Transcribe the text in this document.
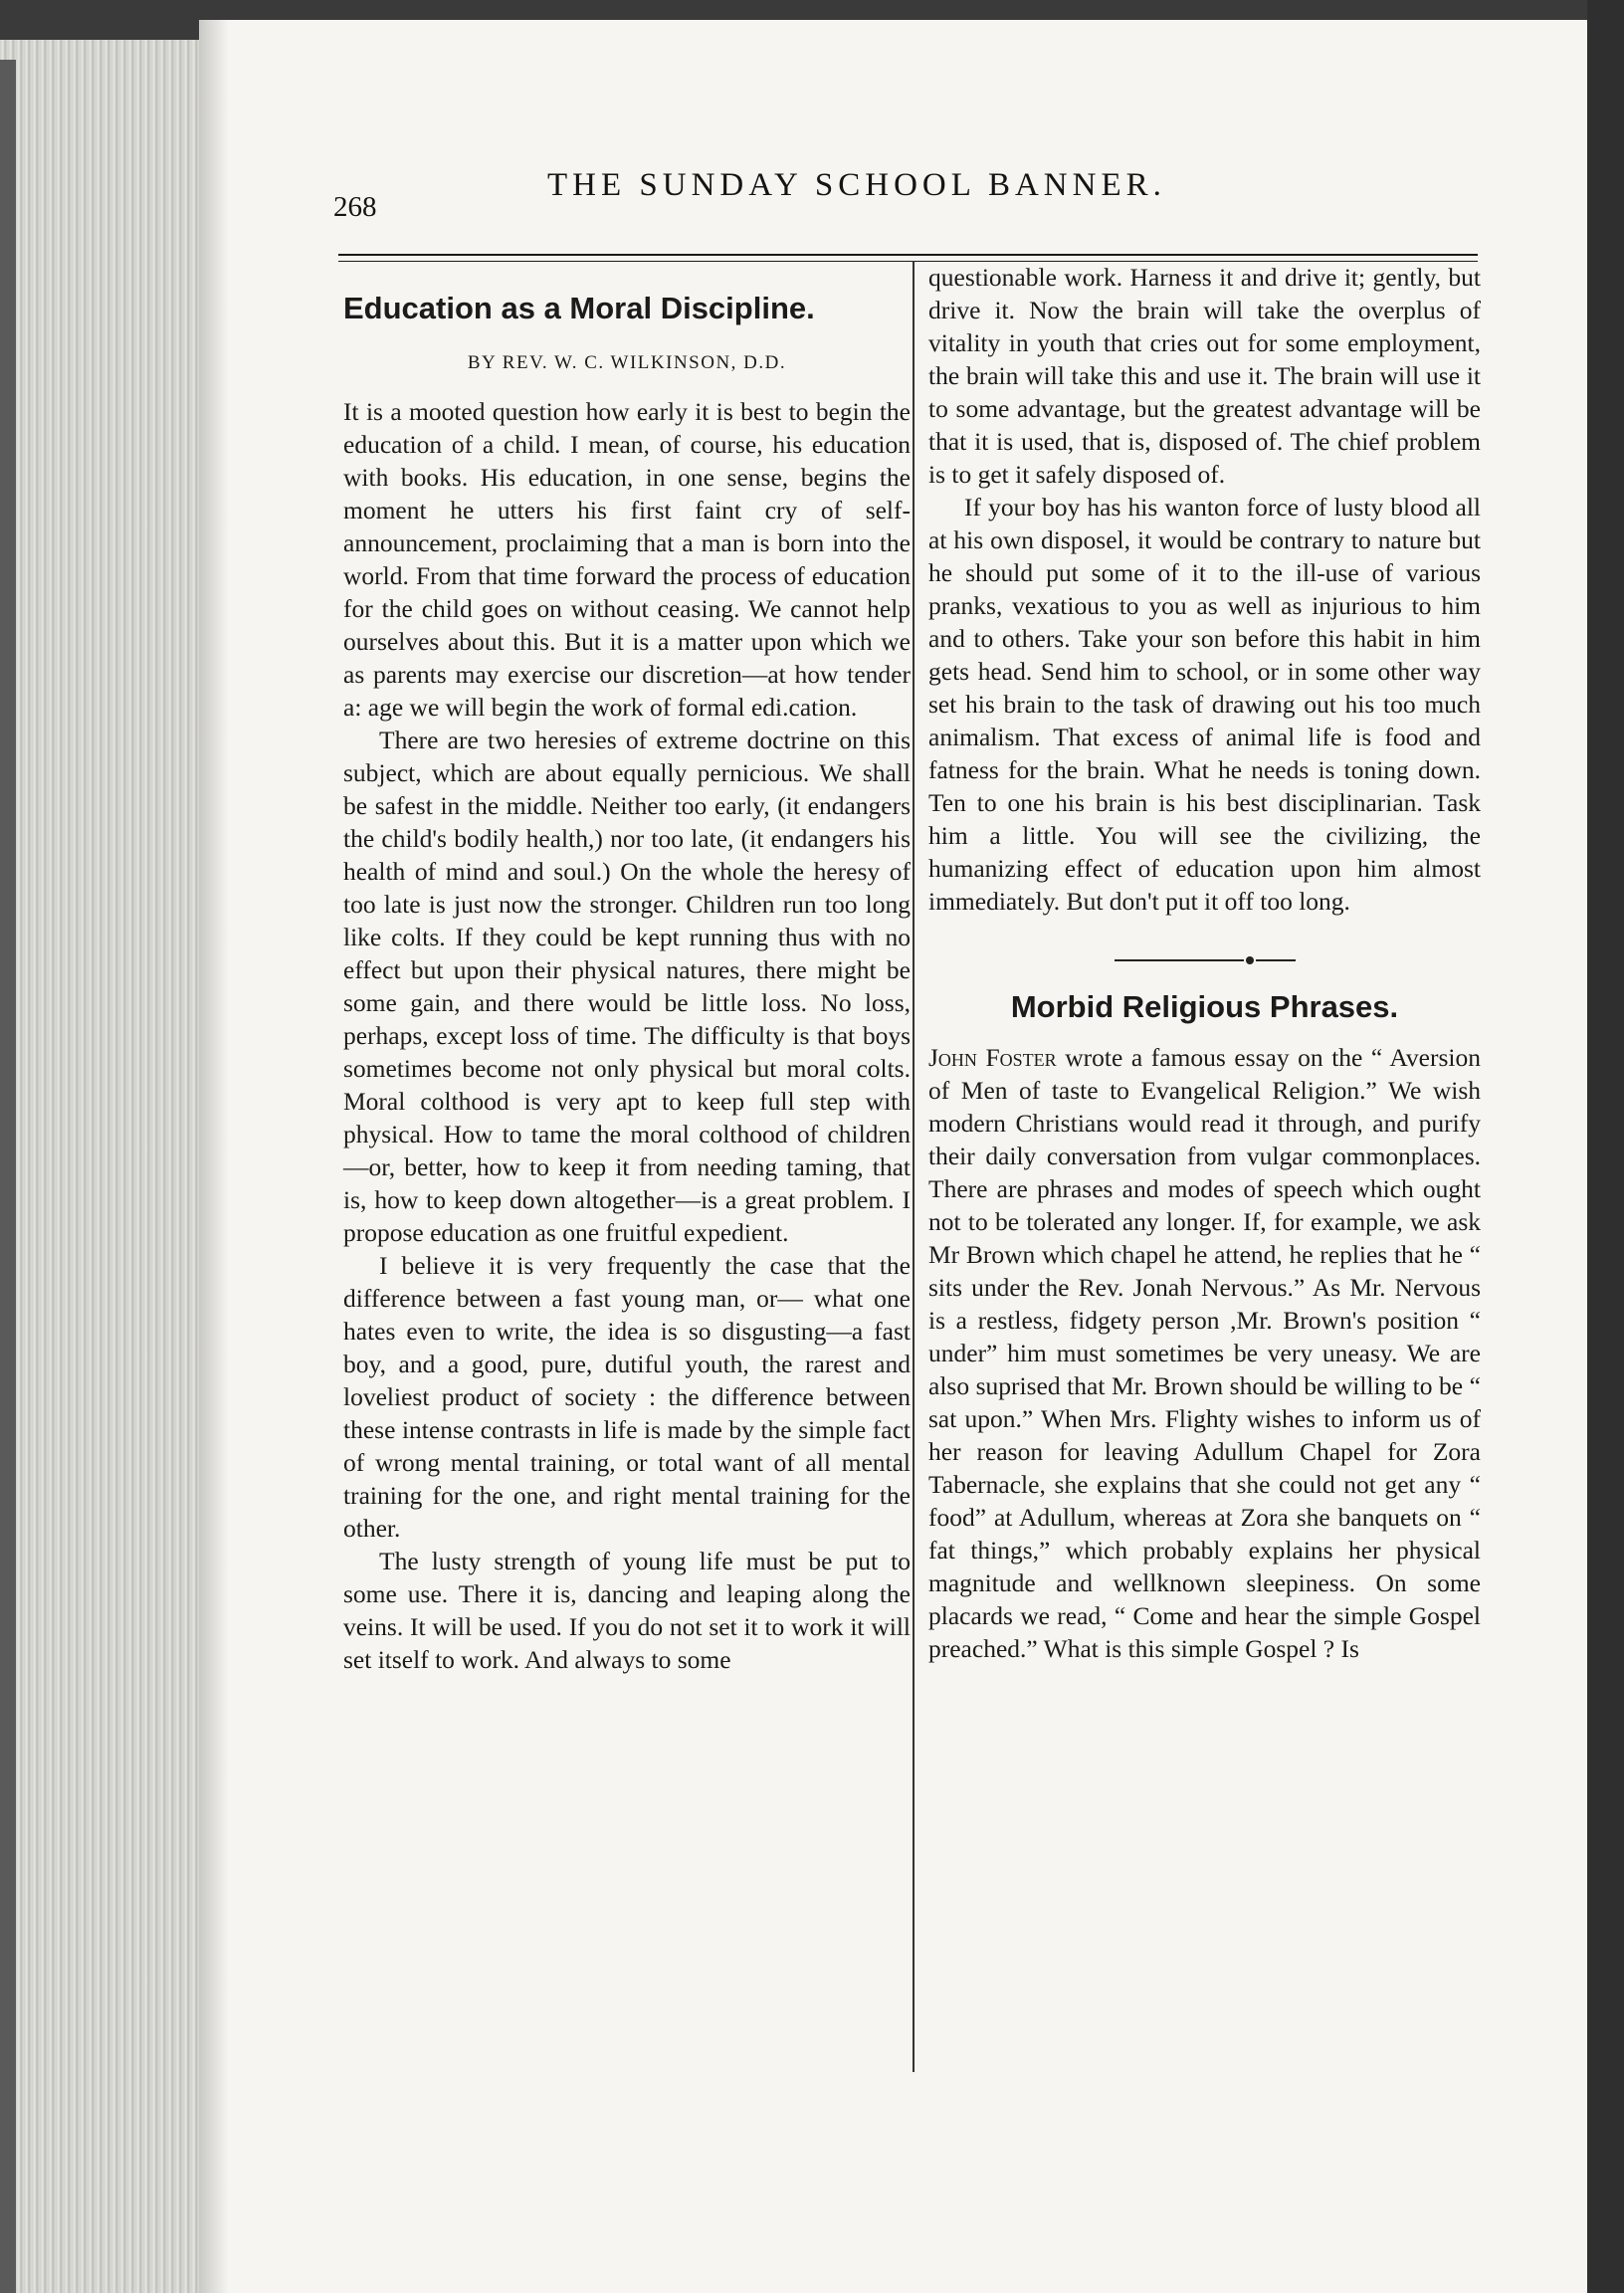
268
THE SUNDAY SCHOOL BANNER.
Education as a Moral Discipline.
BY REV. W. C. WILKINSON, D.D.

It is a mooted question how early it is best to begin the education of a child. I mean, of course, his education with books. His education, in one sense, begins the moment he utters his first faint cry of self-announcement, proclaiming that a man is born into the world. From that time forward the process of education for the child goes on without ceasing. We cannot help ourselves about this. But it is a matter upon which we as parents may exercise our discretion—at how tender a: age we will begin the work of formal edi.cation.

There are two heresies of extreme doctrine on this subject, which are about equally pernicious. We shall be safest in the middle. Neither too early, (it endangers the child's bodily health,) nor too late, (it endangers his health of mind and soul.) On the whole the heresy of too late is just now the stronger. Children run too long like colts. If they could be kept running thus with no effect but upon their physical natures, there might be some gain, and there would be little loss. No loss, perhaps, except loss of time. The difficulty is that boys sometimes become not only physical but moral colts. Moral colthood is very apt to keep full step with physical. How to tame the moral colthood of children—or, better, how to keep it from needing taming, that is, how to keep down altogether—is a great problem. I propose education as one fruitful expedient.

I believe it is very frequently the case that the difference between a fast young man, or— what one hates even to write, the idea is so disgusting—a fast boy, and a good, pure, dutiful youth, the rarest and loveliest product of society : the difference between these intense contrasts in life is made by the simple fact of wrong mental training, or total want of all mental training for the one, and right mental training for the other.

The lusty strength of young life must be put to some use. There it is, dancing and leaping along the veins. It will be used. If you do not set it to work it will set itself to work. And always to some

questionable work. Harness it and drive it; gently, but drive it. Now the brain will take the overplus of vitality in youth that cries out for some employment, the brain will take this and use it. The brain will use it to some advantage, but the greatest advantage will be that it is used, that is, disposed of. The chief problem is to get it safely disposed of.

If your boy has his wanton force of lusty blood all at his own disposel, it would be contrary to nature but he should put some of it to the ill-use of various pranks, vexatious to you as well as injurious to him and to others. Take your son before this habit in him gets head. Send him to school, or in some other way set his brain to the task of drawing out his too much animalism. That excess of animal life is food and fatness for the brain. What he needs is toning down. Ten to one his brain is his best disciplinarian. Task him a little. You will see the civilizing, the humanizing effect of education upon him almost immediately. But don't put it off too long.

Morbid Religious Phrases.

John Foster wrote a famous essay on the “ Aversion of Men of taste to Evangelical Religion.” We wish modern Christians would read it through, and purify their daily conversation from vulgar commonplaces. There are phrases and modes of speech which ought not to be tolerated any longer. If, for example, we ask Mr Brown which chapel he attend, he replies that he “ sits under the Rev. Jonah Nervous.” As Mr. Nervous is a restless, fidgety person ,Mr. Brown's position “ under” him must sometimes be very uneasy. We are also suprised that Mr. Brown should be willing to be “ sat upon.” When Mrs. Flighty wishes to inform us of her reason for leaving Adullum Chapel for Zora Tabernacle, she explains that she could not get any “ food” at Adullum, whereas at Zora she banquets on “ fat things,” which probably explains her physical magnitude and wellknown sleepiness. On some placards we read, “ Come and hear the simple Gospel preached.” What is this simple Gospel ? Is
